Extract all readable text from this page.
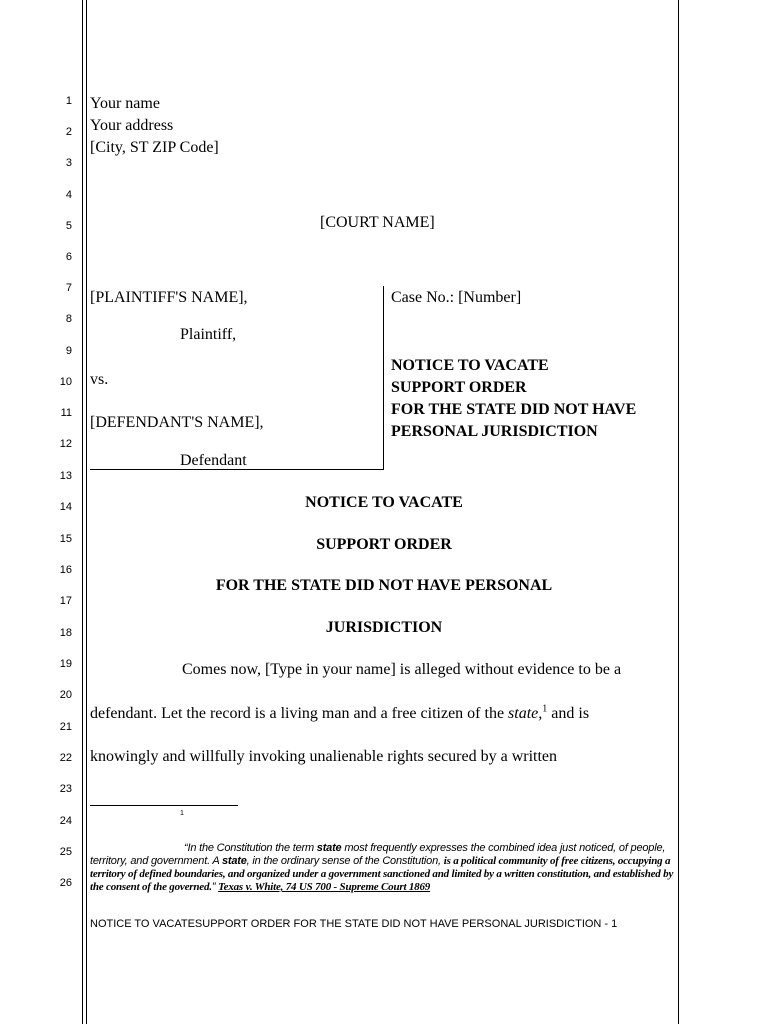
1
2
3
4
5
6
7
8
9
10
11
12
13
14
15
16
17
18
19
20
21
22
23
24
25
26
Your name
Your address
[City, ST ZIP Code]
[COURT NAME]
[PLAINTIFF'S NAME],
Plaintiff,
vs.
[DEFENDANT'S NAME],
Defendant
Case No.: [Number]
NOTICE TO VACATE
SUPPORT ORDER
FOR THE STATE DID NOT HAVE
PERSONAL JURISDICTION
NOTICE TO VACATE
SUPPORT ORDER
FOR THE STATE DID NOT HAVE PERSONAL
JURISDICTION
Comes now, [Type in your name] is alleged without evidence to be a
defendant. Let the record is a living man and a free citizen of the state,$^1$ and is
knowingly and willfully invoking unalienable rights secured by a written
1
“In the Constitution the term state most frequently expresses the combined idea just noticed, of people, territory, and government. A state, in the ordinary sense of the Constitution, is a political community of free citizens, occupying a territory of defined boundaries, and organized under a government sanctioned and limited by a written constitution, and established by the consent of the governed.” Texas v. White, 74 US 700 - Supreme Court 1869
NOTICE TO VACATESUPPORT ORDER FOR THE STATE DID NOT HAVE PERSONAL JURISDICTION - 1
